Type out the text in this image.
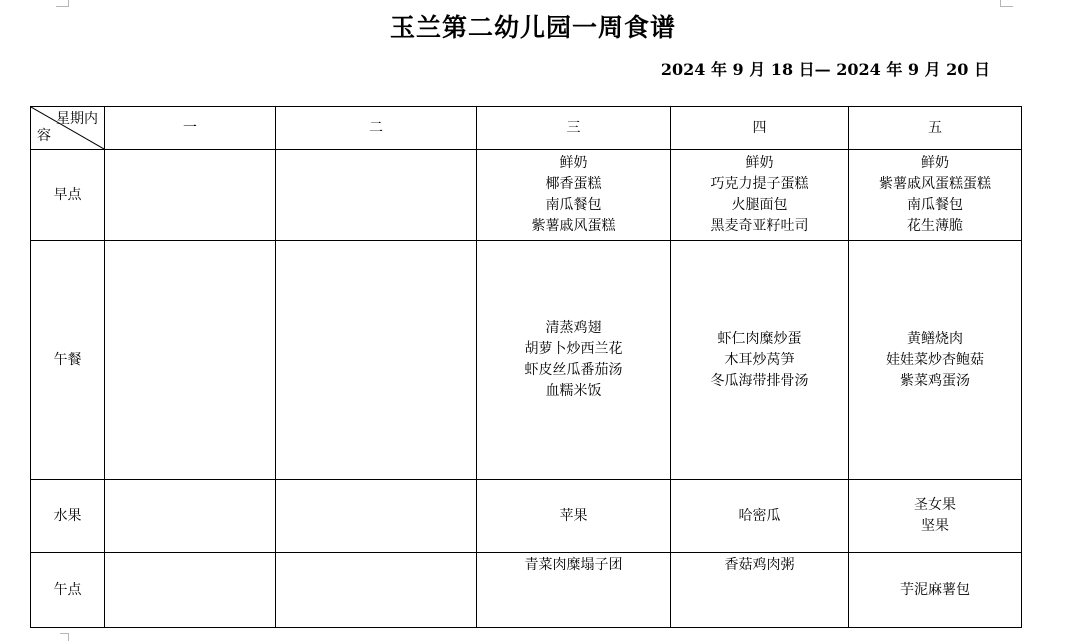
玉兰第二幼儿园一周食谱
2024 年 9 月 18 日— 2024 年 9 月 20 日
星期内
容	一	二	三	四	五
早点			鲜奶
椰香蛋糕
南瓜餐包
紫薯戚风蛋糕	鲜奶
巧克力提子蛋糕
火腿面包
黑麦奇亚籽吐司	鲜奶
紫薯戚风蛋糕蛋糕
南瓜餐包
花生薄脆

午餐			清蒸鸡翅
胡萝卜炒西兰花
虾皮丝瓜番茄汤
血糯米饭	虾仁肉糜炒蛋
木耳炒莴笋
冬瓜海带排骨汤	黄鳝烧肉
娃娃菜炒杏鲍菇
紫菜鸡蛋汤

水果			苹果	哈密瓜	圣女果
坚果

午点			青菜肉糜塌子团	香菇鸡肉粥	芋泥麻薯包
